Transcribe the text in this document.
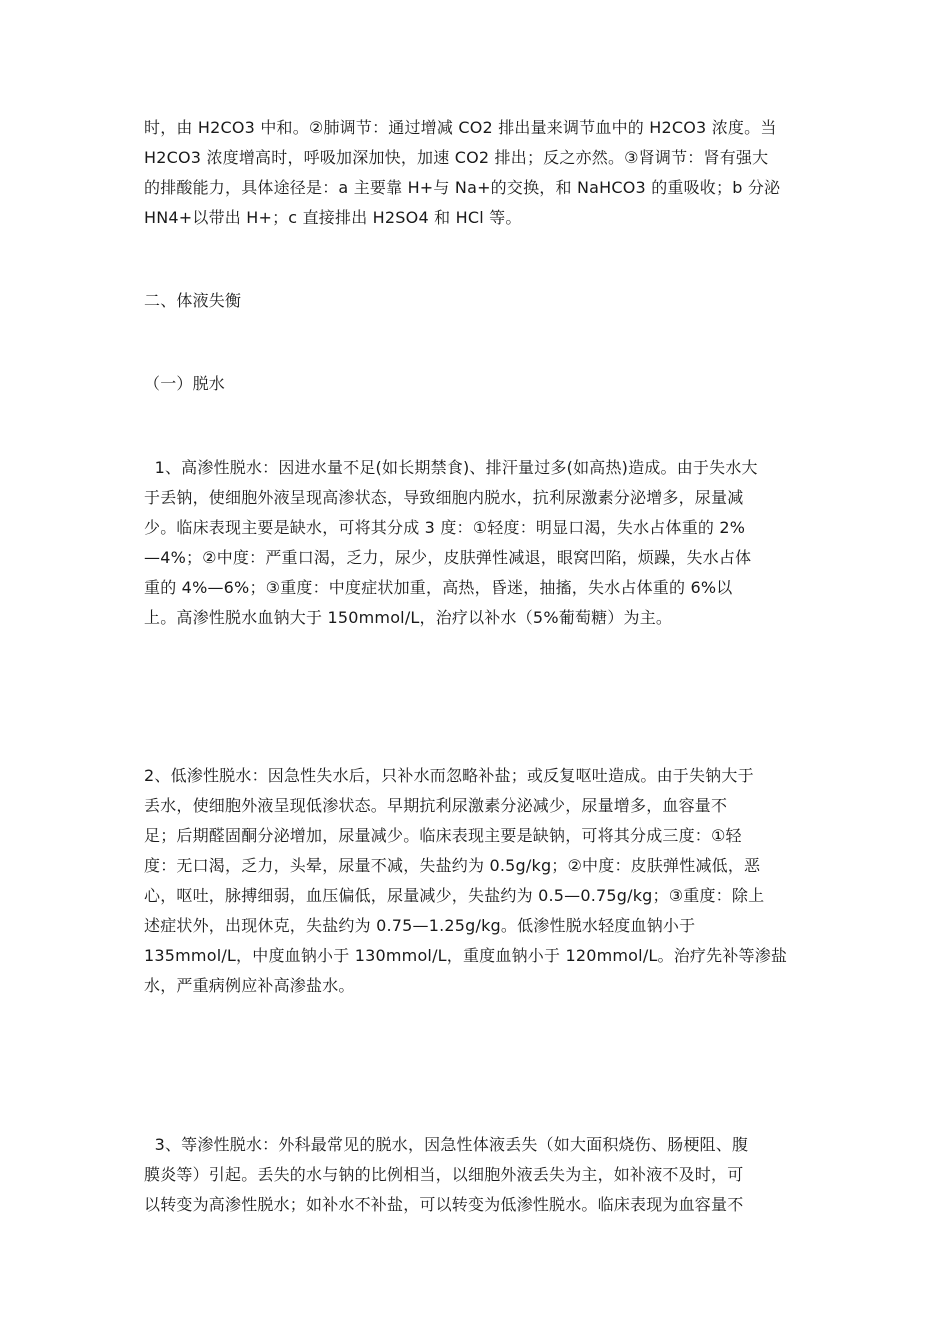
时，由 H2CO3 中和。②肺调节：通过增减 CO2 排出量来调节血中的 H2CO3 浓度。当

H2CO3 浓度增高时，呼吸加深加快，加速 CO2 排出；反之亦然。③肾调节：肾有强大

的排酸能力，具体途径是：a 主要靠 H+与 Na+的交换，和 NaHCO3 的重吸收；b 分泌

HN4+以带出 H+；c 直接排出 H2SO4 和 HCl 等。

二、体液失衡

（一）脱水

1、高渗性脱水：因进水量不足(如长期禁食)、排汗量过多(如高热)造成。由于失水大

于丢钠，使细胞外液呈现高渗状态，导致细胞内脱水，抗利尿激素分泌增多，尿量减

少。临床表现主要是缺水，可将其分成 3 度：①轻度：明显口渴，失水占体重的 2%

—4%；②中度：严重口渴，乏力，尿少，皮肤弹性减退，眼窝凹陷，烦躁，失水占体

重的 4%—6%；③重度：中度症状加重，高热，昏迷，抽搐，失水占体重的 6%以

上。高渗性脱水血钠大于 150mmol/L，治疗以补水（5%葡萄糖）为主。

2、低渗性脱水：因急性失水后，只补水而忽略补盐；或反复呕吐造成。由于失钠大于

丢水，使细胞外液呈现低渗状态。早期抗利尿激素分泌减少，尿量增多，血容量不

足；后期醛固酮分泌增加，尿量减少。临床表现主要是缺钠，可将其分成三度：①轻

度：无口渴，乏力，头晕，尿量不减，失盐约为 0.5g/kg；②中度：皮肤弹性减低，恶

心，呕吐，脉搏细弱，血压偏低，尿量减少，失盐约为 0.5—0.75g/kg；③重度：除上

述症状外，出现休克，失盐约为 0.75—1.25g/kg。低渗性脱水轻度血钠小于

135mmol/L，中度血钠小于 130mmol/L，重度血钠小于 120mmol/L。治疗先补等渗盐

水，严重病例应补高渗盐水。

3、等渗性脱水：外科最常见的脱水，因急性体液丢失（如大面积烧伤、肠梗阻、腹

膜炎等）引起。丢失的水与钠的比例相当，以细胞外液丢失为主，如补液不及时，可

以转变为高渗性脱水；如补水不补盐，可以转变为低渗性脱水。临床表现为血容量不
